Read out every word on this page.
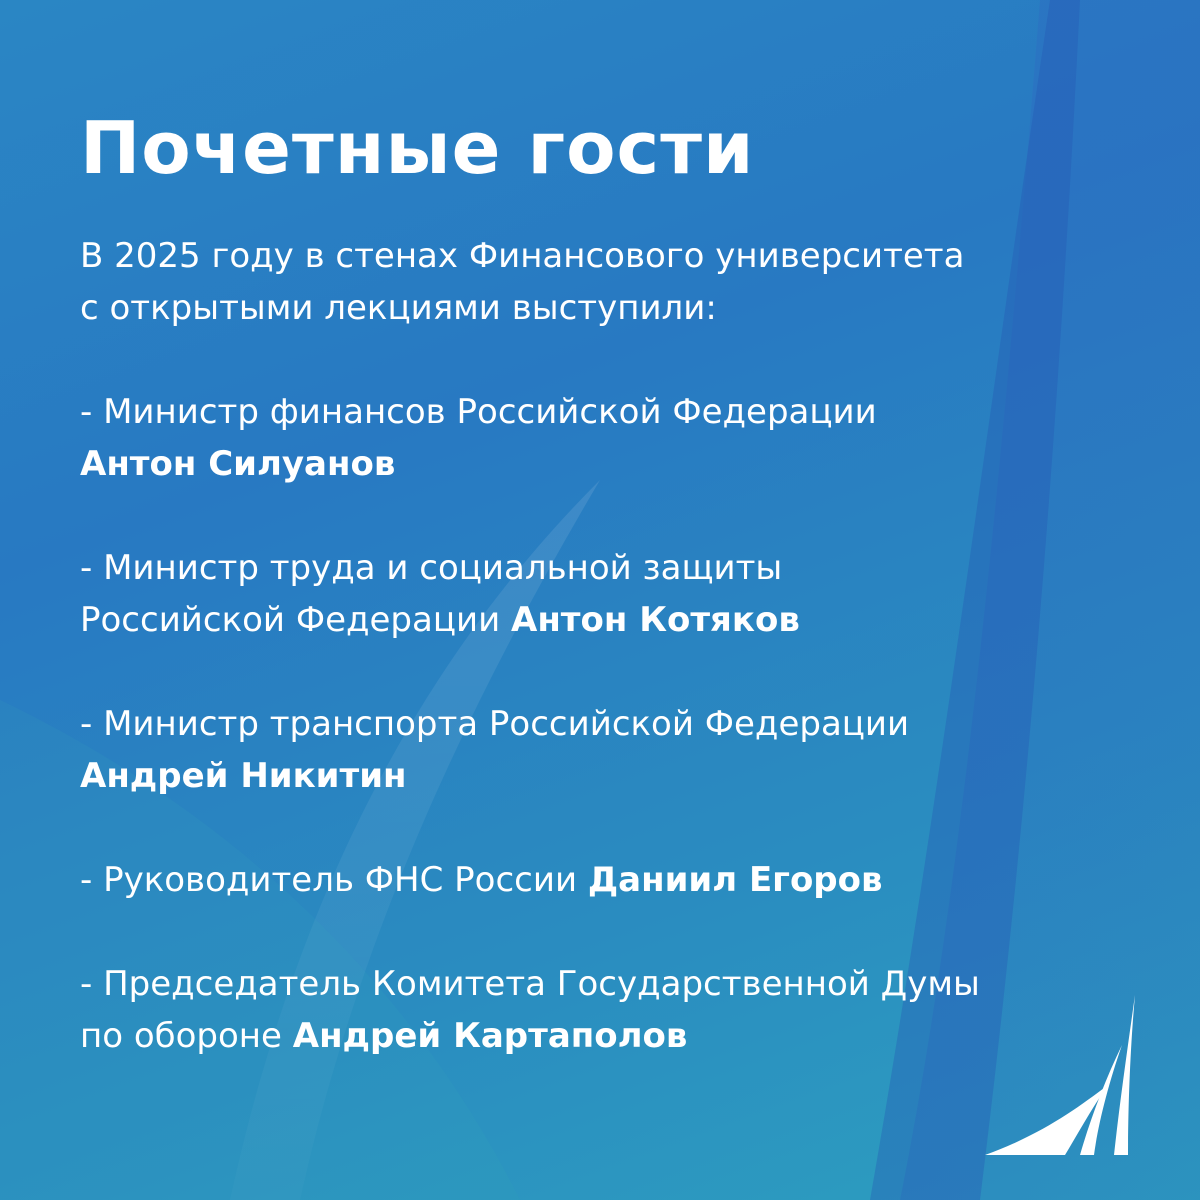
Почетные гости

В 2025 году в стенах Финансового университета
с открытыми лекциями выступили:

- Министр финансов Российской Федерации
Антон Силуанов

- Министр труда и социальной защиты
Российской Федерации Антон Котяков

- Министр транспорта Российской Федерации
Андрей Никитин

- Руководитель ФНС России Даниил Егоров

- Председатель Комитета Государственной Думы
по обороне Андрей Картаполов
